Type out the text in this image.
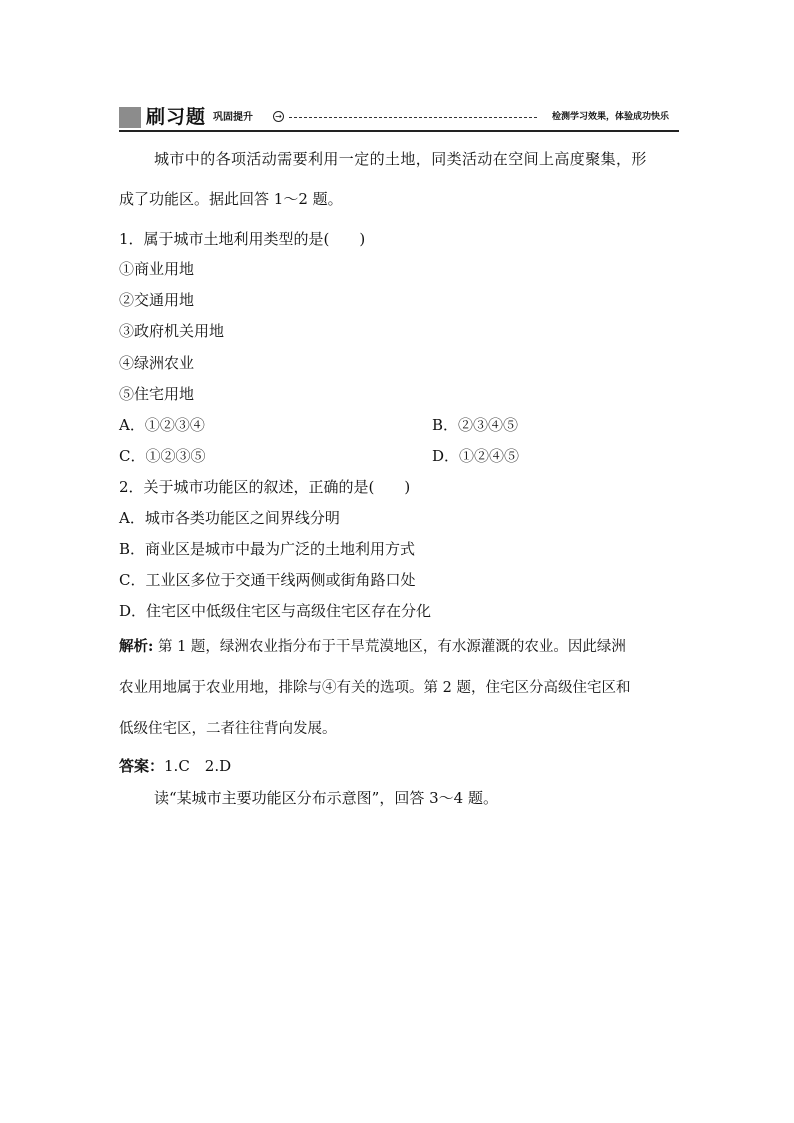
刷习题 巩固提升	→	检测学习效果，体验成功快乐
城市中的各项活动需要利用一定的土地，同类活动在空间上高度聚集，形
成了功能区。据此回答 1～2 题。
1．属于城市土地利用类型的是(　　)
①商业用地
②交通用地
③政府机关用地
④绿洲农业
⑤住宅用地
A．①②③④	B．②③④⑤
C．①②③⑤	D．①②④⑤
2．关于城市功能区的叙述，正确的是(　　)
A．城市各类功能区之间界线分明
B．商业区是城市中最为广泛的土地利用方式
C．工业区多位于交通干线两侧或街角路口处
D．住宅区中低级住宅区与高级住宅区存在分化
解析: 第 1 题，绿洲农业指分布于干旱荒漠地区，有水源灌溉的农业。因此绿洲
农业用地属于农业用地，排除与④有关的选项。第 2 题，住宅区分高级住宅区和
低级住宅区，二者往往背向发展。
答案：1.C　2.D
读“某城市主要功能区分布示意图”，回答 3～4 题。
